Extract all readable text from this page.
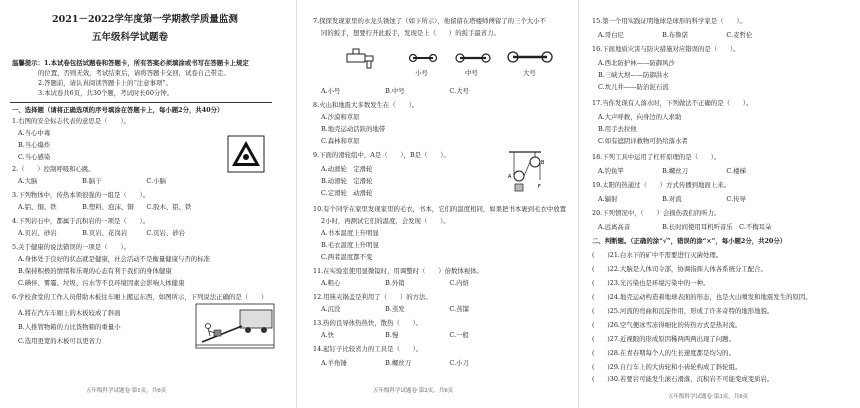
2021－2022学年度第一学期教学质量监测
五年级科学试题卷
温馨提示：1.本试卷包括试题卷和答题卡，所有答案必须填涂或书写在答题卡上规定
的位置，否则无效，考试结束后，请将答题卡交回，试卷自己带走。
2.答题前，请认真阅读答题卡上的“注意事项”。
3.本试卷共6页，共30个题，考试时长60分钟。
一、选择题（请将正确选项的序号填涂在答题卡上，每小题2分，共40分）
1.右图的安全标志代表的意思是（　　）。
A.当心中毒
B.当心爆炸
C.当心感染
2.（　　）控制呼吸和心跳。
A.大脑　　　　　　　B.脑干　　　　　　　C.小脑
3.下列物体中，传热本领很强的一组是（　　）。
A.铝、铜、铁　　　　B.塑料、泡沫、铜　　C.胶木、铝、铁
4.下列岩石中，都属于沉积岩的一项是（　　）。
A.页岩、砂岩　　　　B.页岩、花岗岩　　　C.页岩、砂岩
5.关于健康的说法错误的一项是（　　）。
A.身体处于良好的状态就是健康，社会活动不是衡量健康与否的标准
B.保持积极的情绪和乐观的心态有利于我们的身体健康
C.碘伴、雾霾、垃圾、污水等不良环境因素会影响人体健康
6.学校食堂的工作人员借助木板往车厢上搬运东西，如图所示，下列说法正确的是（　　）
A.將在汽车车厢上的木板较成了斜面
B.人推管物箱的力比货物箱的重量小
C.选用更宽的木板可以更省力
五年级科学试题卷·第1页，共6页
7.探探发现家里的水龙头锈蚀了（如下所示），他留留在塔楼师傅留了的三个大小不
同的扳手，想要拧开此扳手，发现是上（　　）的扳手最省力。
小号	中号	大号
A.小号　　　　　　　B.中号　　　　　　　C.大号
8.火山和地震大多数发生在（　　）。
A.沙漠和草原
B.地壳运动活跃的地带
C.森林和草原
9.下面的滑轮组中，A是（　　），B是（　　）。
A.动滑轮　定滑轮
B.动滑轮　定滑轮
C.定滑轮　动滑轮
B
A
F
10.有个同学在家里发现家里的毛衣，书本，它们的温度相同，如果把书本裹到毛衣中放置
2小时，再测试它们的温度，会发现（　　）。
A.书本温度上升明显
B.毛衣温度上升明显
C.两者温度都不变
11.在实验室使用显微镜时，用调整时（　　）倍数体视体。
A.粗心　　　　　　　B.外销　　　　　　　C.内焙
12.用筷夹锅盖是利用了（　　）的方法。
A.沉没　　　　　　　B.蒸发　　　　　　　C.蒸馏
13.热的良导体热热快，散热（　　）。
A.快　　　　　　　　B.慢　　　　　　　　C.一般
14.起钉子比较省力的工具是（　　）。
A.羊角锤　　　　　　B.螺丝刀　　　　　　C.小刀
五年级科学试题卷·第2页，共6页
15.第一个用实践证明地球是球形的科学家是（　　）。
A.哥白尼　　　　　　B.布鲁诺　　　　　　C.麦哲伦
16.下面地质灾害与防灾措施对应错误的是（　　）。
A.西北防护林——防御风沙
B.三峡大坝——防御洪水
C.坎儿井——防治泥石流
17.当你发现有人落水时，下列做法不正确的是（　　）。
A.大声呼救，向身边的人求助
B.用手去拉他
C.如有遮阴评救物可扔给落水者
18.下列工具中运用了杠杆原理的是（　　）。
A.钓鱼竿　　　　　　B.螺丝刀　　　　　　C.楼梯
19.太阳的热通过（　　）方式传播到地面上来。
A.辐射　　　　　　　B.对流　　　　　　　C.传导
20.下列情况中，（　　）会损伤我们的听力。
A.远离高音　　　　　B.长时间使用耳机听音乐　C.不掏耳朵
二、判断题。（正确的涂“√”，错误的涂“×”，每小题2分，共20分）
(　　)21.白水下的矿中不需要进行灭菌处理。
(　　)22.大脑是人体司令部，协调指挥人体各系统分工配合。
(　　)23.光污染也是环境污染中的一种。
(　　)24.地壳运动构造着地球表面的形态，也是火山喷发和地震发生的原因。
(　　)25.河流的弯曲和沉淀作用，形成了许多奇特的地形地貌。
(　　)26.空气便冰雪冻得细化的传热方式是热对流。
(　　)27.近视眼的形成原因稀两两两出现了问题。
(　　)28.在青春期每个人的生长速度都是均匀的。
(　　)29.自行车上的大齿轮和小齿轮构成了斜轮组。
(　　)30.若要岩可能发生滚石滑落，沉积岩不可能变成变质岩。
五年级科学试题卷·第3页，共6页
